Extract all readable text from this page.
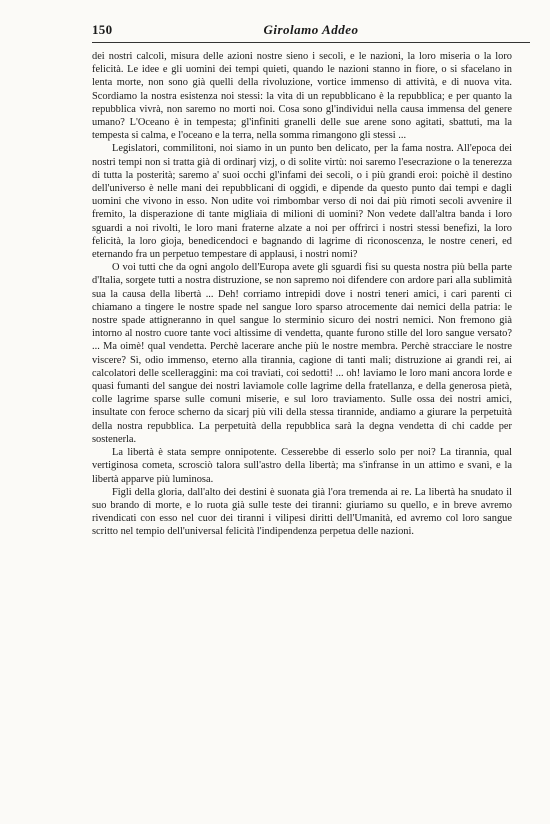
150	Girolamo Addeo

dei nostri calcoli, misura delle azioni nostre sieno i secoli, e le nazioni, la loro miseria o la loro felicità. Le idee e gli uomini dei tempi quieti, quando le nazioni stanno in fiore, o si sfacelano in lenta morte, non sono già quelli della rivoluzione, vortice immenso di attività, e di nuova vita. Scordiamo la nostra esistenza noi stessi: la vita di un repubblicano è la repubblica; e per quanto la repubblica vivrà, non saremo no morti noi. Cosa sono gl'individui nella causa immensa del genere umano? L'Oceano è in tempesta; gl'infiniti granelli delle sue arene sono agitati, sbattuti, ma la tempesta si calma, e l'oceano e la terra, nella somma rimangono gli stessi ...

Legislatori, commilitoni, noi siamo in un punto ben delicato, per la fama nostra. All'epoca dei nostri tempi non si tratta già di ordinarj vizj, o di solite virtù: noi saremo l'esecrazione o la tenerezza di tutta la posterità; saremo a' suoi occhi gl'infami dei secoli, o i più grandi eroi: poichè il destino dell'universo è nelle mani dei repubblicani di oggidì, e dipende da questo punto dai tempi e dagli uomini che vivono in esso. Non udite voi rimbombar verso di noi dai più rimoti secoli avvenire il fremito, la disperazione di tante migliaia di milioni di uomini? Non vedete dall'altra banda i loro sguardi a noi rivolti, le loro mani fraterne alzate a noi per offrirci i nostri stessi benefizi, la loro felicità, la loro gioja, benedicendoci e bagnando di lagrime di riconoscenza, le nostre ceneri, ed eternando fra un perpetuo tempestare di applausi, i nostri nomi?

O voi tutti che da ogni angolo dell'Europa avete gli sguardi fisi su questa nostra più bella parte d'Italia, sorgete tutti a nostra distruzione, se non sapremo noi difendere con ardore pari alla sublimità sua la causa della libertà ... Deh! corriamo intrepidi dove i nostri teneri amici, i cari parenti ci chiamano a tingere le nostre spade nel sangue loro sparso atrocemente dai nemici della patria: le nostre spade attigneranno in quel sangue lo sterminio sicuro dei nostri nemici. Non fremono già intorno al nostro cuore tante voci altissime di vendetta, quante furono stille del loro sangue versato? ... Ma oimè! qual vendetta. Perchè lacerare anche più le nostre membra. Perchè stracciare le nostre viscere? Sì, odio immenso, eterno alla tirannia, cagione di tanti mali; distruzione ai grandi rei, ai calcolatori delle scelleraggini: ma coi traviati, coi sedotti! ... oh! laviamo le loro mani ancora lorde e quasi fumanti del sangue dei nostri lavìamole colle lagrime della fratellanza, e della generosa pietà, colle lagrime sparse sulle comuni miserie, e sul loro traviamento. Sulle ossa dei nostri amici, insultate con feroce scherno da sicarj più vili della stessa tirannide, andiamo a giurare la perpetuità della nostra repubblica. La perpetuità della repubblica sarà la degna vendetta di chi cadde per sostenerla.

La libertà è stata sempre onnipotente. Cesserebbe di esserlo solo per noi? La tirannia, qual vertiginosa cometa, scrosciò talora sull'astro della libertà; ma s'infranse in un attimo e svanì, e la libertà apparve più luminosa.

Figli della gloria, dall'alto dei destini è suonata già l'ora tremenda ai re. La libertà ha snudato il suo brando di morte, e lo ruota già sulle teste dei tiranni: giuriamo su quello, e in breve avremo rivendicati con esso nel cuor dei tiranni i vilipesi diritti dell'Umanità, ed avremo col loro sangue scritto nel tempio dell'universal felicità l'indipendenza perpetua delle nazioni.
